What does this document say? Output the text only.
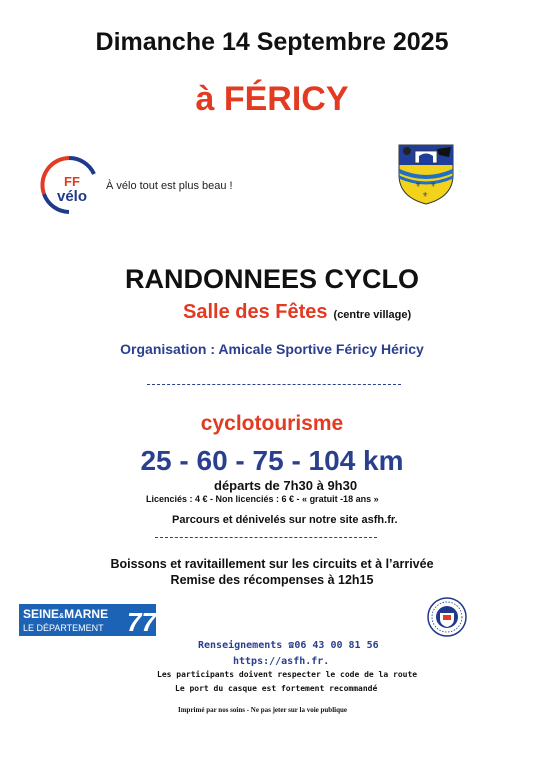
Dimanche 14 Septembre 2025
à FÉRICY
FF
vélo
À vélo tout est plus beau !	⚜ ⚜
⚜
RANDONNEES CYCLO
Salle des Fêtes (centre village)
Organisation : Amicale Sportive Féricy Héricy
cyclotourisme
25 - 60 - 75 - 104 km
départs de 7h30 à 9h30
Licenciés : 4 € - Non licenciés : 6 € - « gratuit -18 ans »
Parcours et dénivelés sur notre site asfh.fr.
Boissons et ravitaillement sur les circuits et à l’arrivée
Remise des récompenses à 12h15
SEINE&MARNE
LE DÉPARTEMENT 77
Renseignements ☎06 43 00 81 56
https://asfh.fr.
Les participants doivent respecter le code de la route
Le port du casque est fortement recommandé
Imprimé par nos soins - Ne pas jeter sur la voie publique
